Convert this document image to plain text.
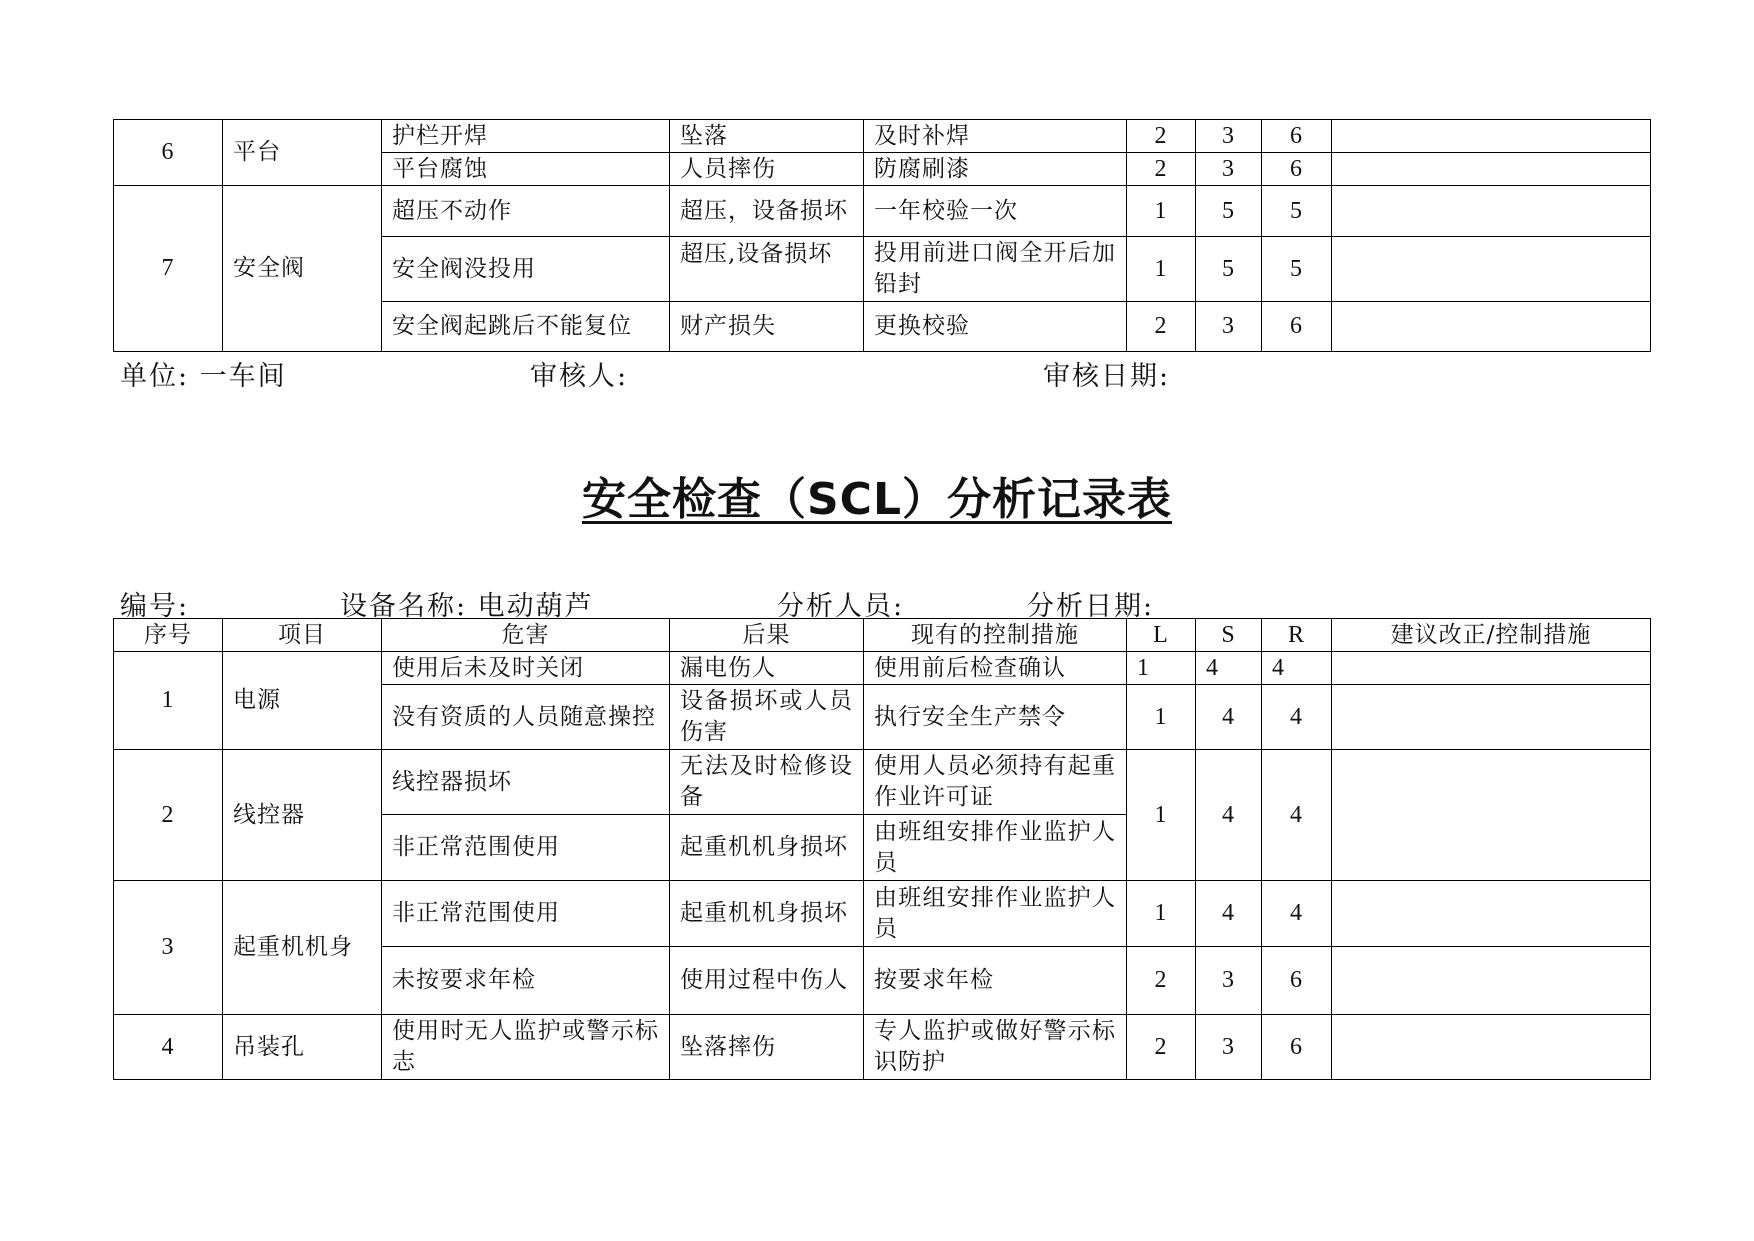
6	平台	护栏开焊	坠落	及时补焊	2	3	6	
		平台腐蚀	人员摔伤	防腐刷漆	2	3	6	
7	安全阀	超压不动作	超压，设备损坏	一年校验一次	1	5	5	
		安全阀没投用	超压,设备损坏	投用前进口阀全开后加铅封	1	5	5	
		安全阀起跳后不能复位	财产损失	更换校验	2	3	6	
单位: 一车间	审核人:	审核日期:
安全检查（SCL）分析记录表
编号:	设备名称: 电动葫芦	分析人员:	分析日期:
序号	项目	危害	后果	现有的控制措施	L	S	R	建议改正/控制措施
1	电源	使用后未及时关闭	漏电伤人	使用前后检查确认	1	4	4	
		没有资质的人员随意操控	设备损坏或人员伤害	执行安全生产禁令	1	4	4	
2	线控器	线控器损坏	无法及时检修设备	使用人员必须持有起重作业许可证	1	4	4	
		非正常范围使用	起重机机身损坏	由班组安排作业监护人员				
3	起重机机身	非正常范围使用	起重机机身损坏	由班组安排作业监护人员	1	4	4	
		未按要求年检	使用过程中伤人	按要求年检	2	3	6	
4	吊装孔	使用时无人监护或警示标志	坠落摔伤	专人监护或做好警示标识防护	2	3	6	
